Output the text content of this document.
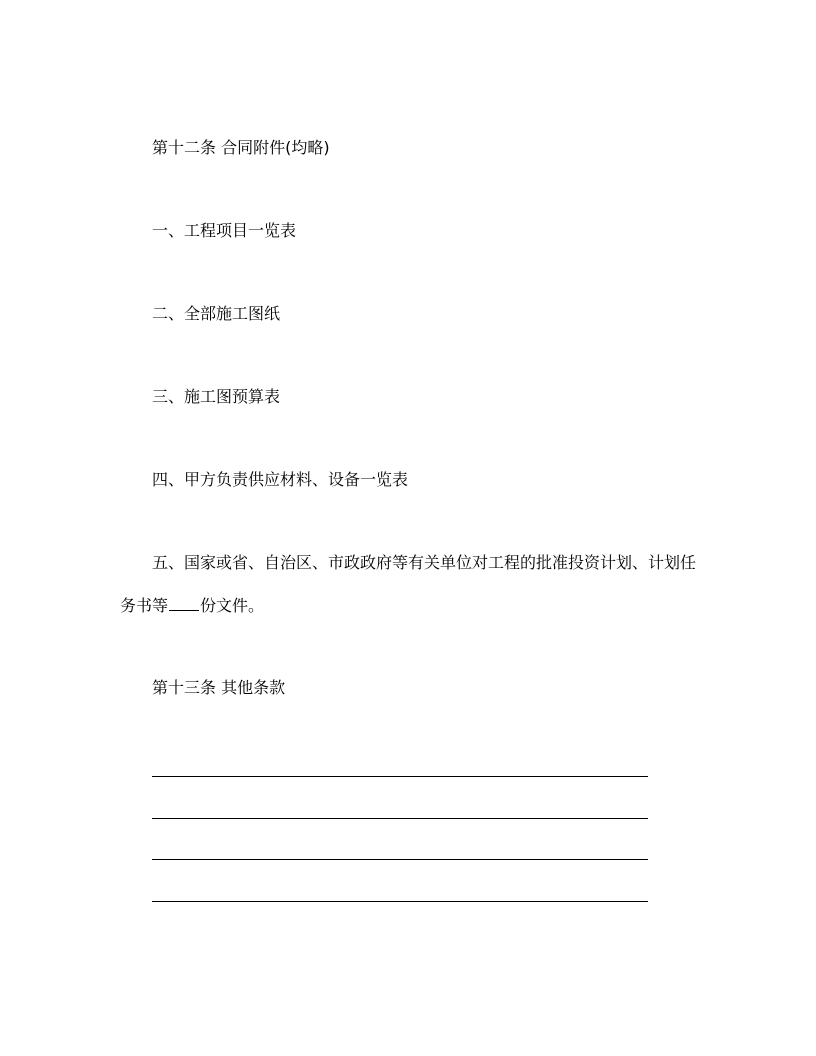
第十二条 合同附件(均略)
一、工程项目一览表
二、全部施工图纸
三、施工图预算表
四、甲方负责供应材料、设备一览表
五、国家或省、自治区、市政政府等有关单位对工程的批准投资计划、计划任
务书等 份文件。
第十三条 其他条款
